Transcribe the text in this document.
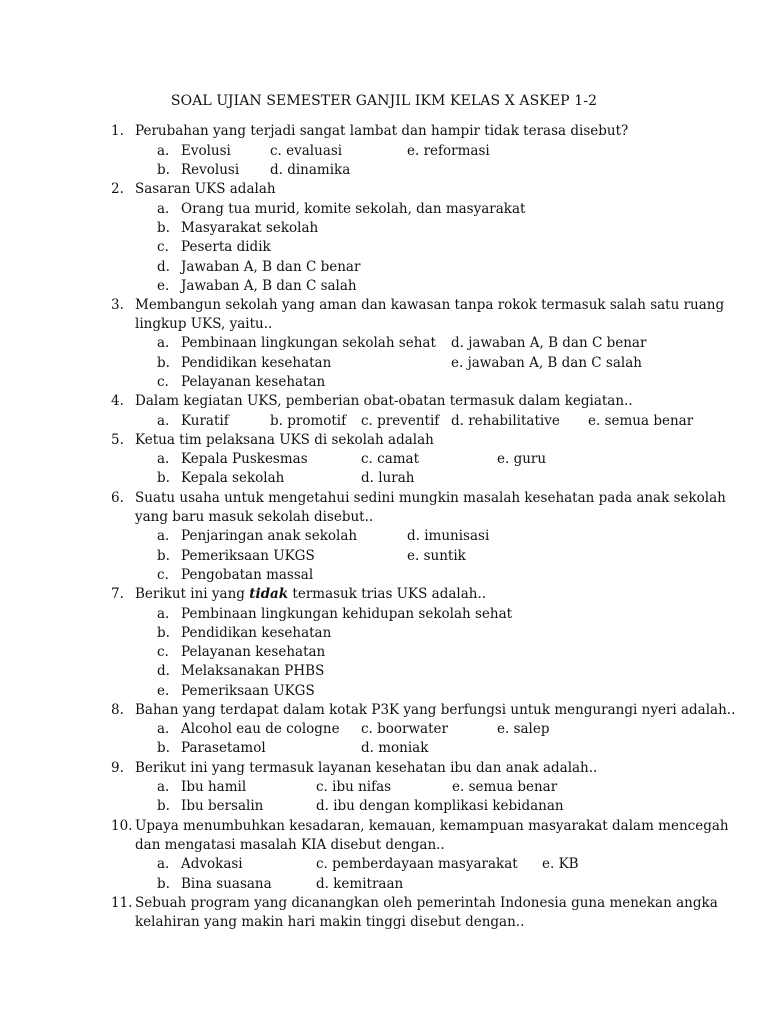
SOAL UJIAN SEMESTER GANJIL IKM KELAS X ASKEP 1-2
1. Perubahan yang terjadi sangat lambat dan hampir tidak terasa disebut?
a. Evolusi	c. evaluasi	e. reformasi
b. Revolusi d. dinamika
2. Sasaran UKS adalah
a. Orang tua murid, komite sekolah, dan masyarakat
b. Masyarakat sekolah
c. Peserta didik
d. Jawaban A, B dan C benar
e. Jawaban A, B dan C salah
3. Membangun sekolah yang aman dan kawasan tanpa rokok termasuk salah satu ruang
lingkup UKS, yaitu..
a. Pembinaan lingkungan sekolah sehat d. jawaban A, B dan C benar
b. Pendidikan kesehatan	e. jawaban A, B dan C salah
c. Pelayanan kesehatan
4. Dalam kegiatan UKS, pemberian obat-obatan termasuk dalam kegiatan..
a. Kuratif	b. promotif c. preventif d. rehabilitative e. semua benar
5. Ketua tim pelaksana UKS di sekolah adalah
a. Kepala Puskesmas	c. camat	e. guru
b. Kepala sekolah	d. lurah
6. Suatu usaha untuk mengetahui sedini mungkin masalah kesehatan pada anak sekolah
yang baru masuk sekolah disebut..
a. Penjaringan anak sekolah	d. imunisasi
b. Pemeriksaan UKGS	e. suntik
c. Pengobatan massal
7. Berikut ini yang tidak termasuk trias UKS adalah..
a. Pembinaan lingkungan kehidupan sekolah sehat
b. Pendidikan kesehatan
c. Pelayanan kesehatan
d. Melaksanakan PHBS
e. Pemeriksaan UKGS
8. Bahan yang terdapat dalam kotak P3K yang berfungsi untuk mengurangi nyeri adalah..
a. Alcohol eau de cologne c. boorwater	e. salep
b. Parasetamol	d. moniak
9. Berikut ini yang termasuk layanan kesehatan ibu dan anak adalah..
a. Ibu hamil	c. ibu nifas	e. semua benar
b. Ibu bersalin	d. ibu dengan komplikasi kebidanan
10. Upaya menumbuhkan kesadaran, kemauan, kemampuan masyarakat dalam mencegah
dan mengatasi masalah KIA disebut dengan..
a. Advokasi	c. pemberdayaan masyarakat e. KB
b. Bina suasana	d. kemitraan
11. Sebuah program yang dicanangkan oleh pemerintah Indonesia guna menekan angka
kelahiran yang makin hari makin tinggi disebut dengan..
